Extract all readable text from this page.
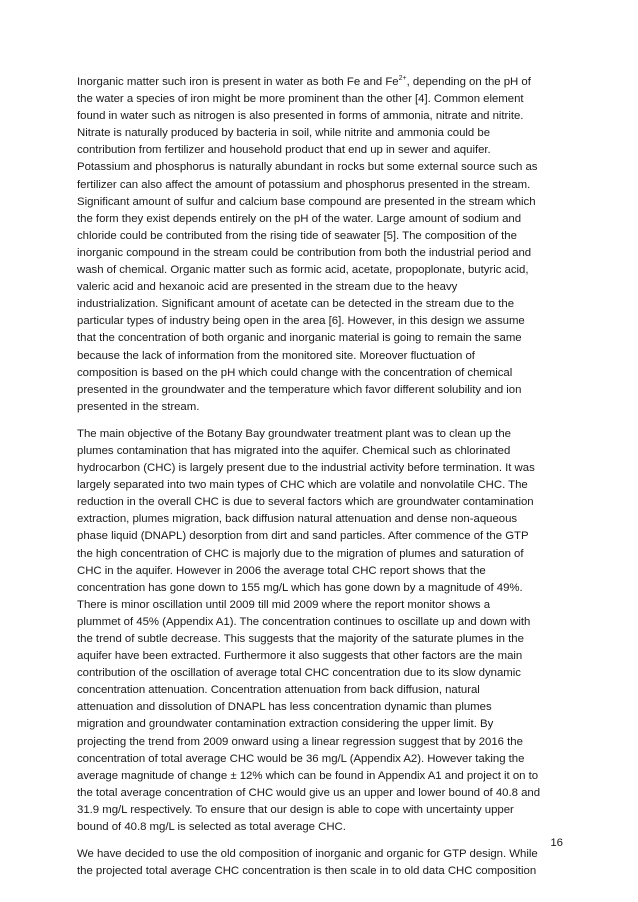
Inorganic matter such iron is present in water as both Fe and $Fe^{2+}$, depending on the pH of
the water a species of iron might be more prominent than the other [4]. Common element
found in water such as nitrogen is also presented in forms of ammonia, nitrate and nitrite.
Nitrate is naturally produced by bacteria in soil, while nitrite and ammonia could be
contribution from fertilizer and household product that end up in sewer and aquifer.
Potassium and phosphorus is naturally abundant in rocks but some external source such as
fertilizer can also affect the amount of potassium and phosphorus presented in the stream.
Significant amount of sulfur and calcium base compound are presented in the stream which
the form they exist depends entirely on the pH of the water. Large amount of sodium and
chloride could be contributed from the rising tide of seawater [5]. The composition of the
inorganic compound in the stream could be contribution from both the industrial period and
wash of chemical. Organic matter such as formic acid, acetate, propoplonate, butyric acid,
valeric acid and hexanoic acid are presented in the stream due to the heavy
industrialization. Significant amount of acetate can be detected in the stream due to the
particular types of industry being open in the area [6]. However, in this design we assume
that the concentration of both organic and inorganic material is going to remain the same
because the lack of information from the monitored site. Moreover fluctuation of
composition is based on the pH which could change with the concentration of chemical
presented in the groundwater and the temperature which favor different solubility and ion
presented in the stream.

The main objective of the Botany Bay groundwater treatment plant was to clean up the
plumes contamination that has migrated into the aquifer. Chemical such as chlorinated
hydrocarbon (CHC) is largely present due to the industrial activity before termination. It was
largely separated into two main types of CHC which are volatile and nonvolatile CHC. The
reduction in the overall CHC is due to several factors which are groundwater contamination
extraction, plumes migration, back diffusion natural attenuation and dense non-aqueous
phase liquid (DNAPL) desorption from dirt and sand particles. After commence of the GTP
the high concentration of CHC is majorly due to the migration of plumes and saturation of
CHC in the aquifer. However in 2006 the average total CHC report shows that the
concentration has gone down to 155 mg/L which has gone down by a magnitude of 49%.
There is minor oscillation until 2009 till mid 2009 where the report monitor shows a
plummet of 45% (Appendix A1). The concentration continues to oscillate up and down with
the trend of subtle decrease. This suggests that the majority of the saturate plumes in the
aquifer have been extracted. Furthermore it also suggests that other factors are the main
contribution of the oscillation of average total CHC concentration due to its slow dynamic
concentration attenuation. Concentration attenuation from back diffusion, natural
attenuation and dissolution of DNAPL has less concentration dynamic than plumes
migration and groundwater contamination extraction considering the upper limit. By
projecting the trend from 2009 onward using a linear regression suggest that by 2016 the
concentration of total average CHC would be 36 mg/L (Appendix A2). However taking the
average magnitude of change ± 12% which can be found in Appendix A1 and project it on to
the total average concentration of CHC would give us an upper and lower bound of 40.8 and
31.9 mg/L respectively. To ensure that our design is able to cope with uncertainty upper
bound of 40.8 mg/L is selected as total average CHC.

We have decided to use the old composition of inorganic and organic for GTP design. While
the projected total average CHC concentration is then scale in to old data CHC composition

16
